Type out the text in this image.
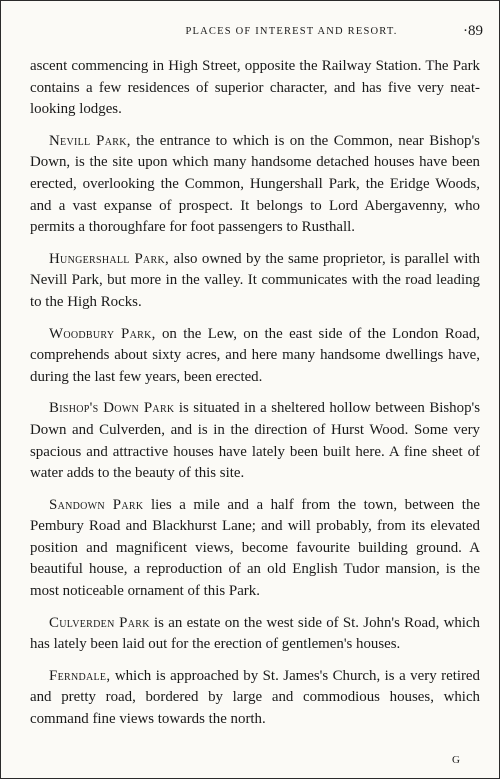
PLACES OF INTEREST AND RESORT.	·89

ascent commencing in High Street, opposite the Railway Station. The Park contains a few residences of superior character, and has five very neat-looking lodges.

Nevill Park, the entrance to which is on the Common, near Bishop's Down, is the site upon which many handsome detached houses have been erected, overlooking the Common, Hungershall Park, the Eridge Woods, and a vast expanse of prospect. It belongs to Lord Abergavenny, who permits a thoroughfare for foot passengers to Rusthall.

Hungershall Park, also owned by the same proprietor, is parallel with Nevill Park, but more in the valley. It communicates with the road leading to the High Rocks.

Woodbury Park, on the Lew, on the east side of the London Road, comprehends about sixty acres, and here many handsome dwellings have, during the last few years, been erected.

Bishop's Down Park is situated in a sheltered hollow between Bishop's Down and Culverden, and is in the direction of Hurst Wood. Some very spacious and attractive houses have lately been built here. A fine sheet of water adds to the beauty of this site.

Sandown Park lies a mile and a half from the town, between the Pembury Road and Blackhurst Lane; and will probably, from its elevated position and magnificent views, become favourite building ground. A beautiful house, a reproduction of an old English Tudor mansion, is the most noticeable ornament of this Park.

Culverden Park is an estate on the west side of St. John's Road, which has lately been laid out for the erection of gentlemen's houses.

Ferndale, which is approached by St. James's Church, is a very retired and pretty road, bordered by large and commodious houses, which command fine views towards the north.

G
